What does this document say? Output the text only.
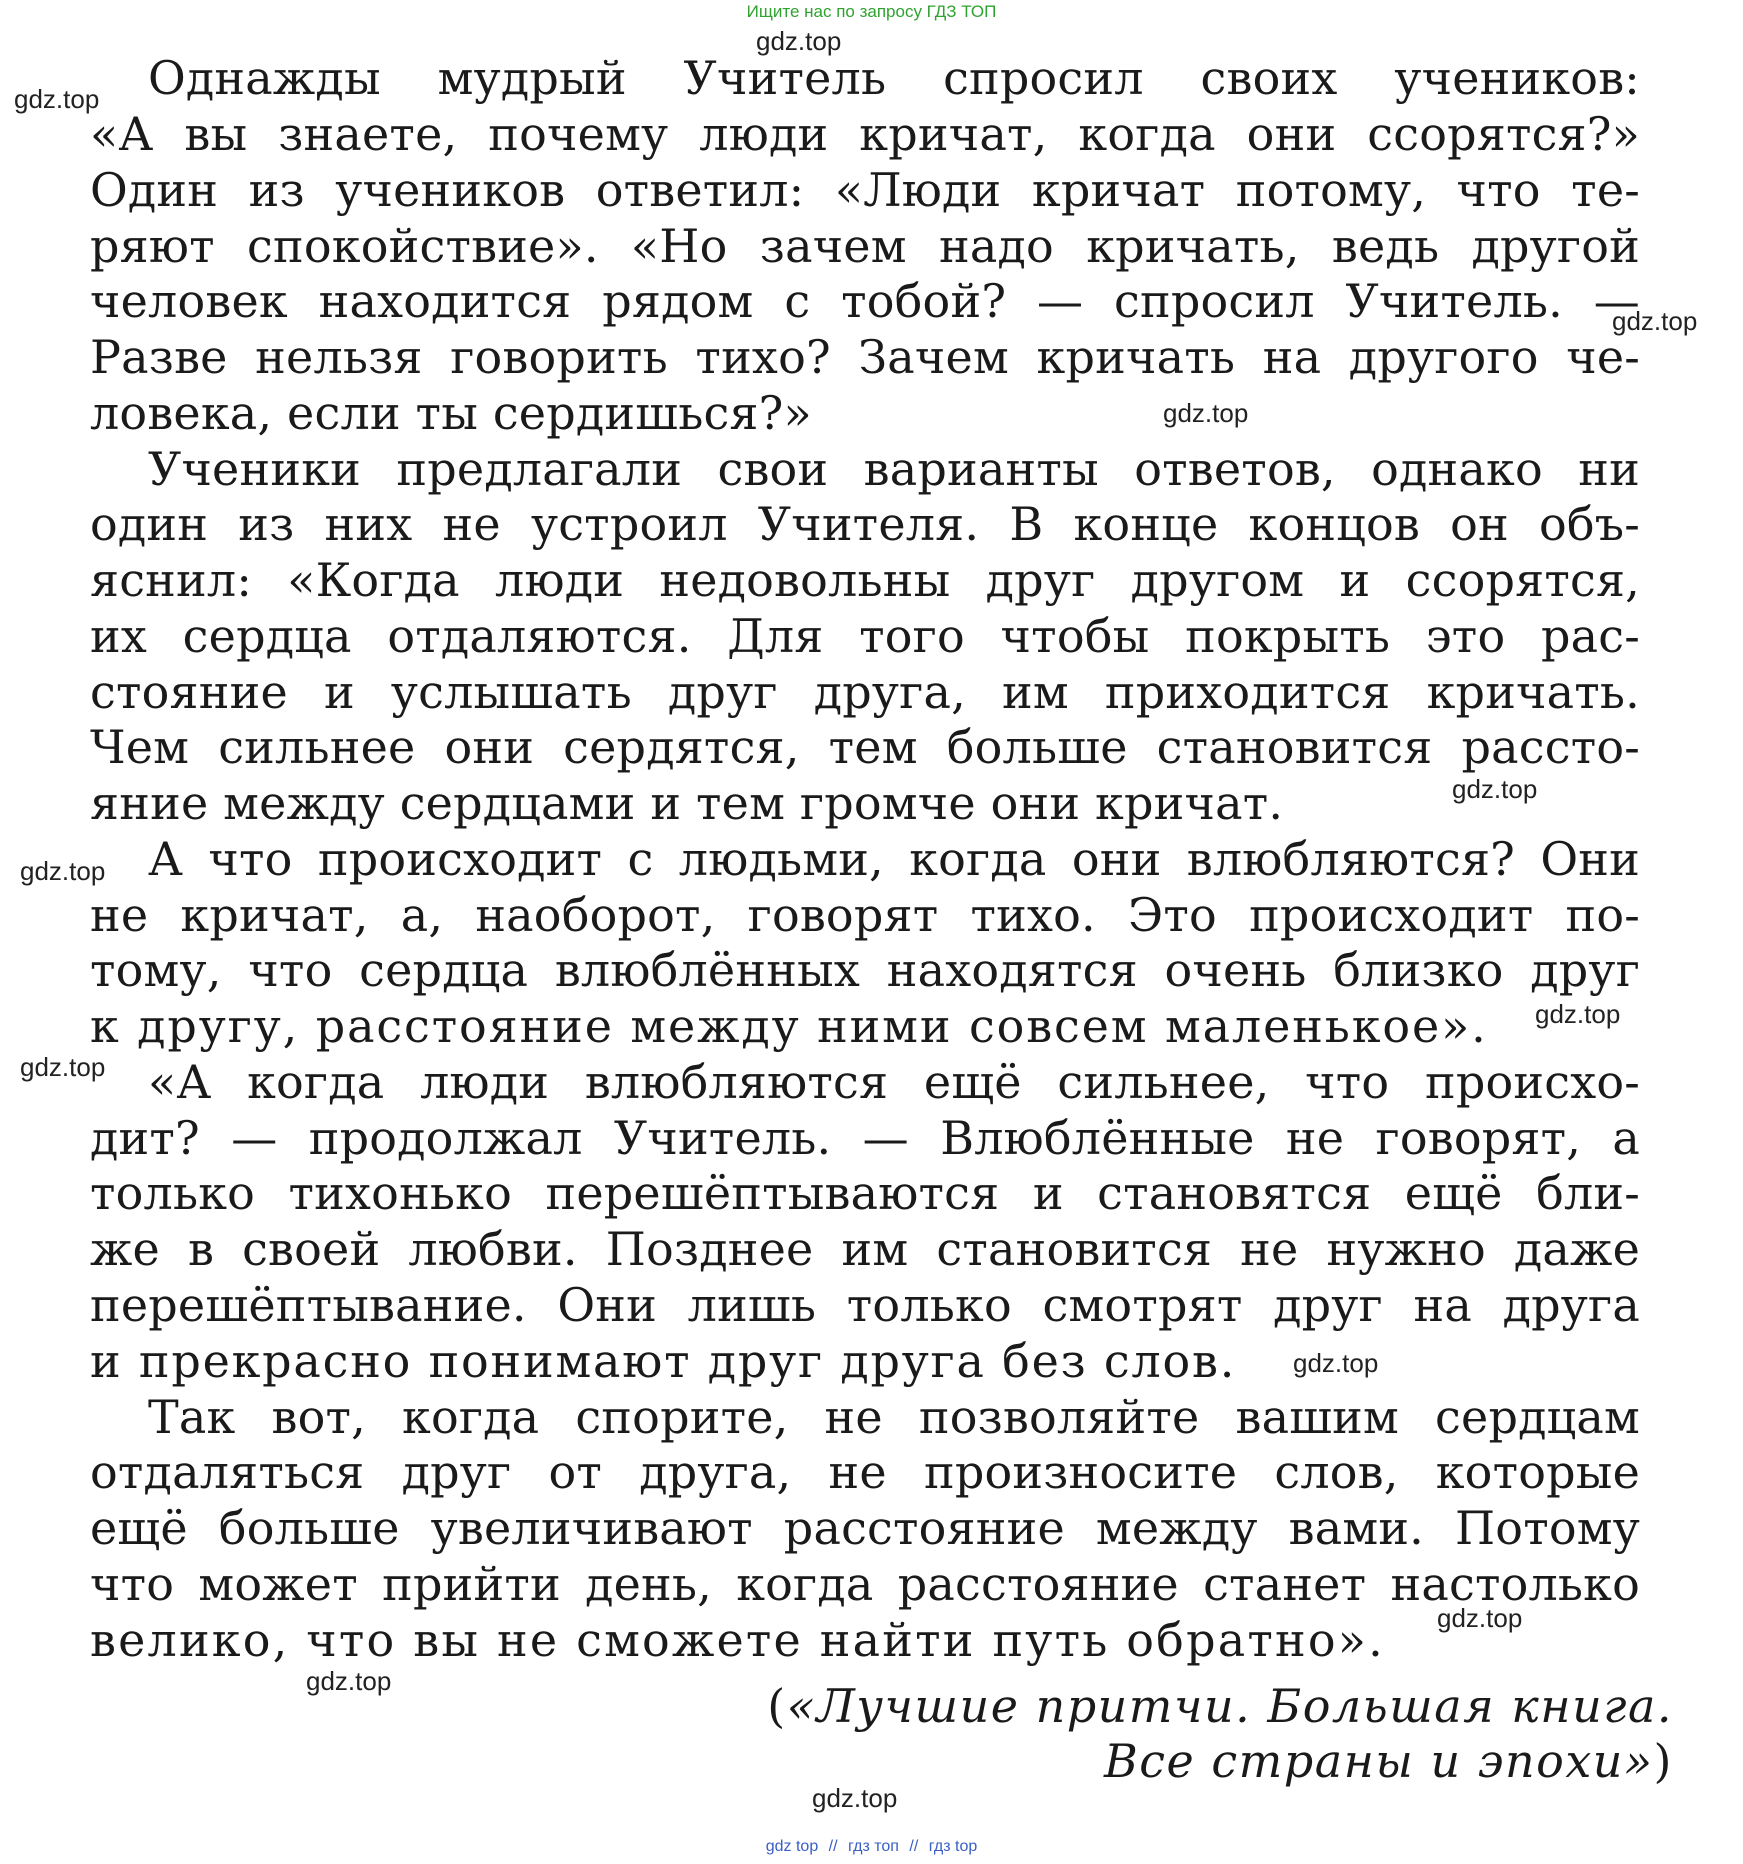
Ищите нас по запросу ГДЗ ТОП
Однажды мудрый Учитель спросил своих учеников:
«А вы знаете, почему люди кричат, когда они ссорятся?»
Один из учеников ответил: «Люди кричат потому, что те-
ряют спокойствие». «Но зачем надо кричать, ведь другой
человек находится рядом с тобой? — спросил Учитель. —
Разве нельзя говорить тихо? Зачем кричать на другого че-
ловека, если ты сердишься?»
Ученики предлагали свои варианты ответов, однако ни
один из них не устроил Учителя. В конце концов он объ-
яснил: «Когда люди недовольны друг другом и ссорятся,
их сердца отдаляются. Для того чтобы покрыть это рас-
стояние и услышать друг друга, им приходится кричать.
Чем сильнее они сердятся, тем больше становится рассто-
яние между сердцами и тем громче они кричат.
А что происходит с людьми, когда они влюбляются? Они
не кричат, а, наоборот, говорят тихо. Это происходит по-
тому, что сердца влюблённых находятся очень близко друг
к другу, расстояние между ними совсем маленькое».
«А когда люди влюбляются ещё сильнее, что происхо-
дит? — продолжал Учитель. — Влюблённые не говорят, а
только тихонько перешёптываются и становятся ещё бли-
же в своей любви. Позднее им становится не нужно даже
перешёптывание. Они лишь только смотрят друг на друга
и прекрасно понимают друг друга без слов.
Так вот, когда спорите, не позволяйте вашим сердцам
отдаляться друг от друга, не произносите слов, которые
ещё больше увеличивают расстояние между вами. Потому
что может прийти день, когда расстояние станет настолько
велико, что вы не сможете найти путь обратно».
(«Лучшие притчи. Большая книга.
Все страны и эпохи»)
gdz.top
gdz.top
gdz.top
gdz.top
gdz.top
gdz.top
gdz.top
gdz.top
gdz.top
gdz.top
gdz.top
gdz.top
gdz top // гдз топ // гдз top
